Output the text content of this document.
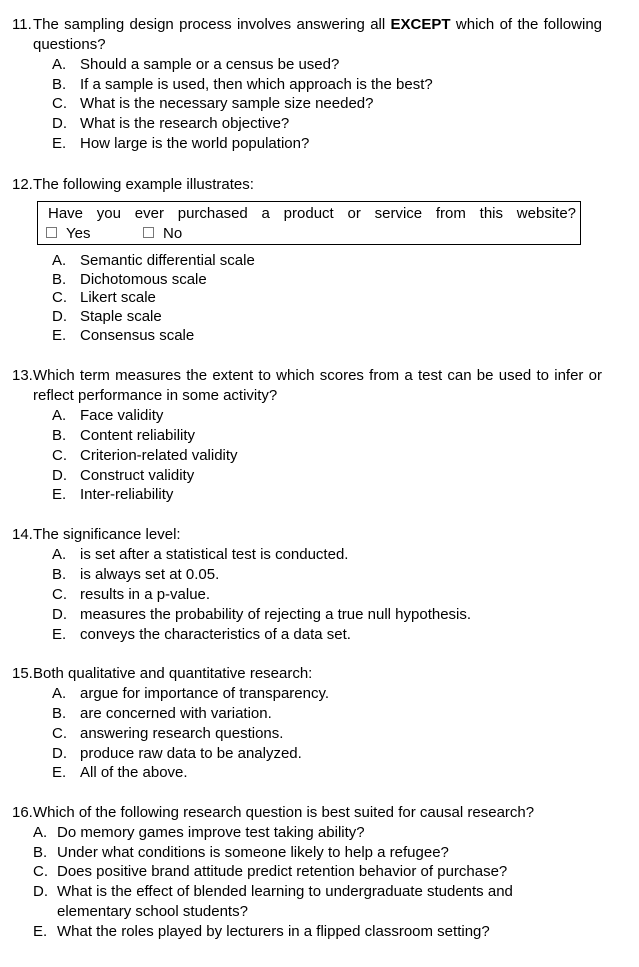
11. The sampling design process involves answering all EXCEPT which of the following questions?
A. Should a sample or a census be used?
B. If a sample is used, then which approach is the best?
C. What is the necessary sample size needed?
D. What is the research objective?
E. How large is the world population?
12. The following example illustrates:
Have you ever purchased a product or service from this website?
Yes	No
A. Semantic differential scale
B. Dichotomous scale
C. Likert scale
D. Staple scale
E. Consensus scale
13. Which term measures the extent to which scores from a test can be used to infer or reflect performance in some activity?
A. Face validity
B. Content reliability
C. Criterion-related validity
D. Construct validity
E. Inter-reliability
14. The significance level:
A. is set after a statistical test is conducted.
B. is always set at 0.05.
C. results in a p-value.
D. measures the probability of rejecting a true null hypothesis.
E. conveys the characteristics of a data set.
15. Both qualitative and quantitative research:
A. argue for importance of transparency.
B. are concerned with variation.
C. answering research questions.
D. produce raw data to be analyzed.
E. All of the above.
16. Which of the following research question is best suited for causal research?
A. Do memory games improve test taking ability?
B. Under what conditions is someone likely to help a refugee?
C. Does positive brand attitude predict retention behavior of purchase?
D. What is the effect of blended learning to undergraduate students and elementary school students?
E. What the roles played by lecturers in a flipped classroom setting?
